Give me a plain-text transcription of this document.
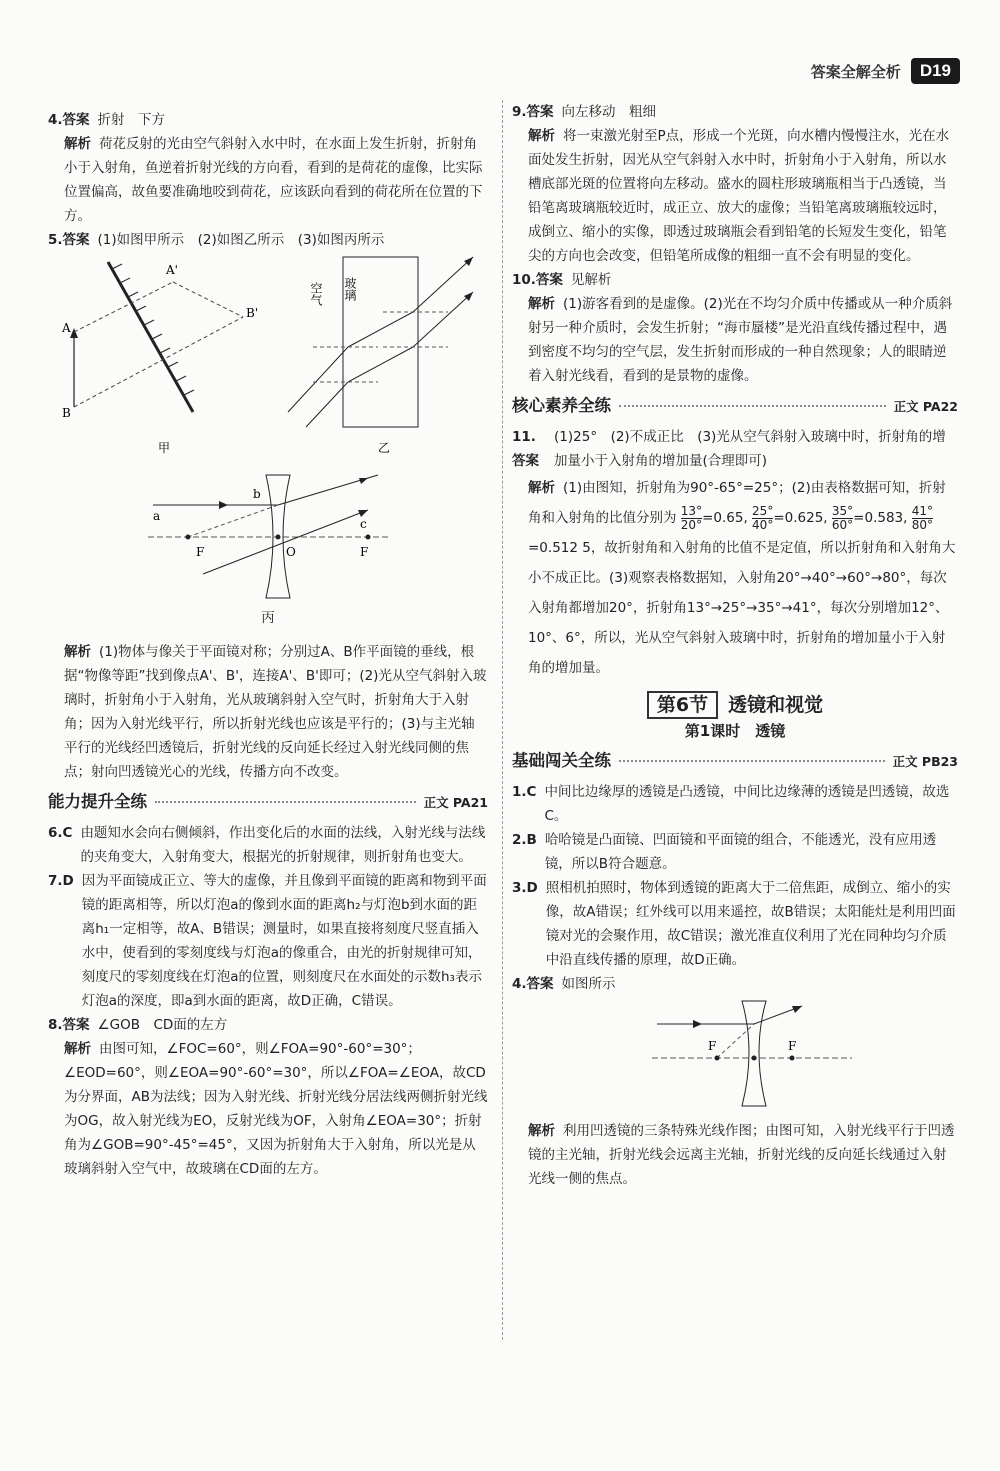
答案全解全析	D19
4.答案 折射　下方

解析 荷花反射的光由空气斜射入水中时，在水面上发生折射，折射角小于入射角，鱼逆着折射光线的方向看，看到的是荷花的虚像，比实际位置偏高，故鱼要准确地咬到荷花，应该跃向看到的荷花所在位置的下方。

5.答案 (1)如图甲所示　(2)如图乙所示　(3)如图丙所示
A
B
A'
B'
甲
空气 玻璃
乙

a
b
c
F	O	F
丙

解析 (1)物体与像关于平面镜对称；分别过A、B作平面镜的垂线，根据“物像等距”找到像点A'、B'，连接A'、B'即可；(2)光从空气斜射入玻璃时，折射角小于入射角，光从玻璃斜射入空气时，折射角大于入射角；因为入射光线平行，所以折射光线也应该是平行的；(3)与主光轴平行的光线经凹透镜后，折射光线的反向延长经过入射光线同侧的焦点；射向凹透镜光心的光线，传播方向不改变。

能力提升全练	正文 PA21
6.C 由题知水会向右侧倾斜，作出变化后的水面的法线，入射光线与法线的夹角变大，入射角变大，根据光的折射规律，则折射角也变大。
7.D 因为平面镜成正立、等大的虚像，并且像到平面镜的距离和物到平面镜的距离相等，所以灯泡a的像到水面的距离h₂与灯泡b到水面的距离h₁一定相等，故A、B错误；测量时，如果直接将刻度尺竖直插入水中，使看到的零刻度线与灯泡a的像重合，由光的折射规律可知，刻度尺的零刻度线在灯泡a的位置，则刻度尺在水面处的示数h₃表示灯泡a的深度，即a到水面的距离，故D正确，C错误。
8.答案 ∠GOB　CD面的左方

解析 由图可知，∠FOC=60°，则∠FOA=90°-60°=30°；∠EOD=60°，则∠EOA=90°-60°=30°，所以∠FOA=∠EOA，故CD为分界面，AB为法线；因为入射光线、折射光线分居法线两侧折射光线为OG，故入射光线为EO，反射光线为OF，入射角∠EOA=30°；折射角为∠GOB=90°-45°=45°，又因为折射角大于入射角，所以光是从玻璃斜射入空气中，故玻璃在CD面的左方。

9.答案 向左移动　粗细

解析 将一束激光射至P点，形成一个光斑，向水槽内慢慢注水，光在水面处发生折射，因光从空气斜射入水中时，折射角小于入射角，所以水槽底部光斑的位置将向左移动。盛水的圆柱形玻璃瓶相当于凸透镜，当铅笔离玻璃瓶较近时，成正立、放大的虚像；当铅笔离玻璃瓶较远时，成倒立、缩小的实像，即透过玻璃瓶会看到铅笔的长短发生变化，铅笔尖的方向也会改变，但铅笔所成像的粗细一直不会有明显的变化。

10.答案 见解析

解析 (1)游客看到的是虚像。(2)光在不均匀介质中传播或从一种介质斜射另一种介质时，会发生折射；“海市蜃楼”是光沿直线传播过程中，遇到密度不均匀的空气层，发生折射而形成的一种自然现象；人的眼睛逆着入射光线看，看到的是景物的虚像。

核心素养全练	正文 PA22
11.答案
(1)25°　(2)不成正比　(3)光从空气斜射入玻璃中时，折射角的增加量小于入射角的增加量(合理即可)

解析 (1)由图知，折射角为90°-65°=25°；(2)由表格数据可知，折射角和入射角的比值分别为 $\frac{13^\circ}{20^\circ} =0.65$, $\frac{25^\circ}{40^\circ} =0.625$, $\frac{35^\circ}{60^\circ} =0.583$, $\frac{41^\circ}{80^\circ}$
=0.512 5，故折射角和入射角的比值不是定值，所以折射角和入射角大小不成正比。(3)观察表格数据知，入射角20°→40°→60°→80°，每次入射角都增加20°，折射角13°→25°→35°→41°，每次分别增加12°、10°、6°，所以，光从空气斜射入玻璃中时，折射角的增加量小于入射角的增加量。

第6节 透镜和视觉
第1课时　透镜
基础闯关全练	正文 PB23
1.C 中间比边缘厚的透镜是凸透镜，中间比边缘薄的透镜是凹透镜，故选C。
2.B 哈哈镜是凸面镜、凹面镜和平面镜的组合，不能透光，没有应用透镜，所以B符合题意。
3.D 照相机拍照时，物体到透镜的距离大于二倍焦距，成倒立、缩小的实像，故A错误；红外线可以用来遥控，故B错误；太阳能灶是利用凹面镜对光的会聚作用，故C错误；激光准直仪利用了光在同种均匀介质中沿直线传播的原理，故D正确。
4.答案 如图所示
F	F

解析 利用凹透镜的三条特殊光线作图；由图可知，入射光线平行于凹透镜的主光轴，折射光线会远离主光轴，折射光线的反向延长线通过入射光线一侧的焦点。
